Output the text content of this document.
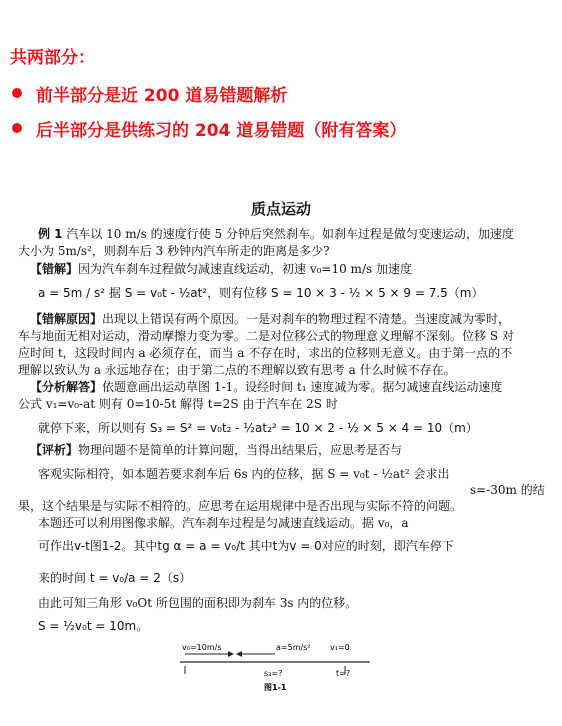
共两部分：
前半部分是近 200 道易错题解析
后半部分是供练习的 204 道易错题（附有答案）
质点运动
例 1 汽车以 10 m/s 的速度行使 5 分钟后突然刹车。如刹车过程是做匀变速运动，加速度
大小为 5m/s²，则刹车后 3 秒钟内汽车所走的距离是多少?
【错解】因为汽车刹车过程做匀减速直线运动，初速 v₀=10 m/s 加速度
a = 5m / s² 据 S = v₀t - ½at²，则有位移 S = 10 × 3 - ½ × 5 × 9 = 7.5（m）
【错解原因】出现以上错误有两个原因。一是对刹车的物理过程不清楚。当速度减为零时，
车与地面无相对运动，滑动摩擦力变为零。二是对位移公式的物理意义理解不深刻。位移 S 对
应时间 t，这段时间内 a 必须存在，而当 a 不存在时，求出的位移则无意义。由于第一点的不
理解以致认为 a 永远地存在；由于第二点的不理解以致有思考 a 什么时候不存在。
【分析解答】依题意画出运动草图 1-1。设经时间 t₁ 速度减为零。据匀减速直线运动速度
公式 v₁=v₀-at 则有 0=10-5t 解得 t=2S 由于汽车在 2S 时
就停下来，所以则有 S₃ = S² = v₀t₂ - ½at₂² = 10 × 2 - ½ × 5 × 4 = 10（m）
【评析】物理问题不是简单的计算问题，当得出结果后，应思考是否与
客观实际相符，如本题若要求刹车后 6s 内的位移，据 S = v₀t - ½at² 会求出
s=-30m 的结
果，这个结果是与实际不相符的。应思考在运用规律中是否出现与实际不符的问题。
本题还可以利用图像求解。汽车刹车过程是匀减速直线运动。据 v₀，a
可作出v-t图1-2。其中tg α = a = v₀/t 其中t为v = 0对应的时刻，即汽车停下
来的时间 t = v₀/a = 2（s）
由此可知三角形 v₀Ot 所包围的面积即为刹车 3s 内的位移。
S = ½v₀t = 10m。
v₀=10m/s	a=5m/s² v₁=0
s₃=?	t=?
图1-1
